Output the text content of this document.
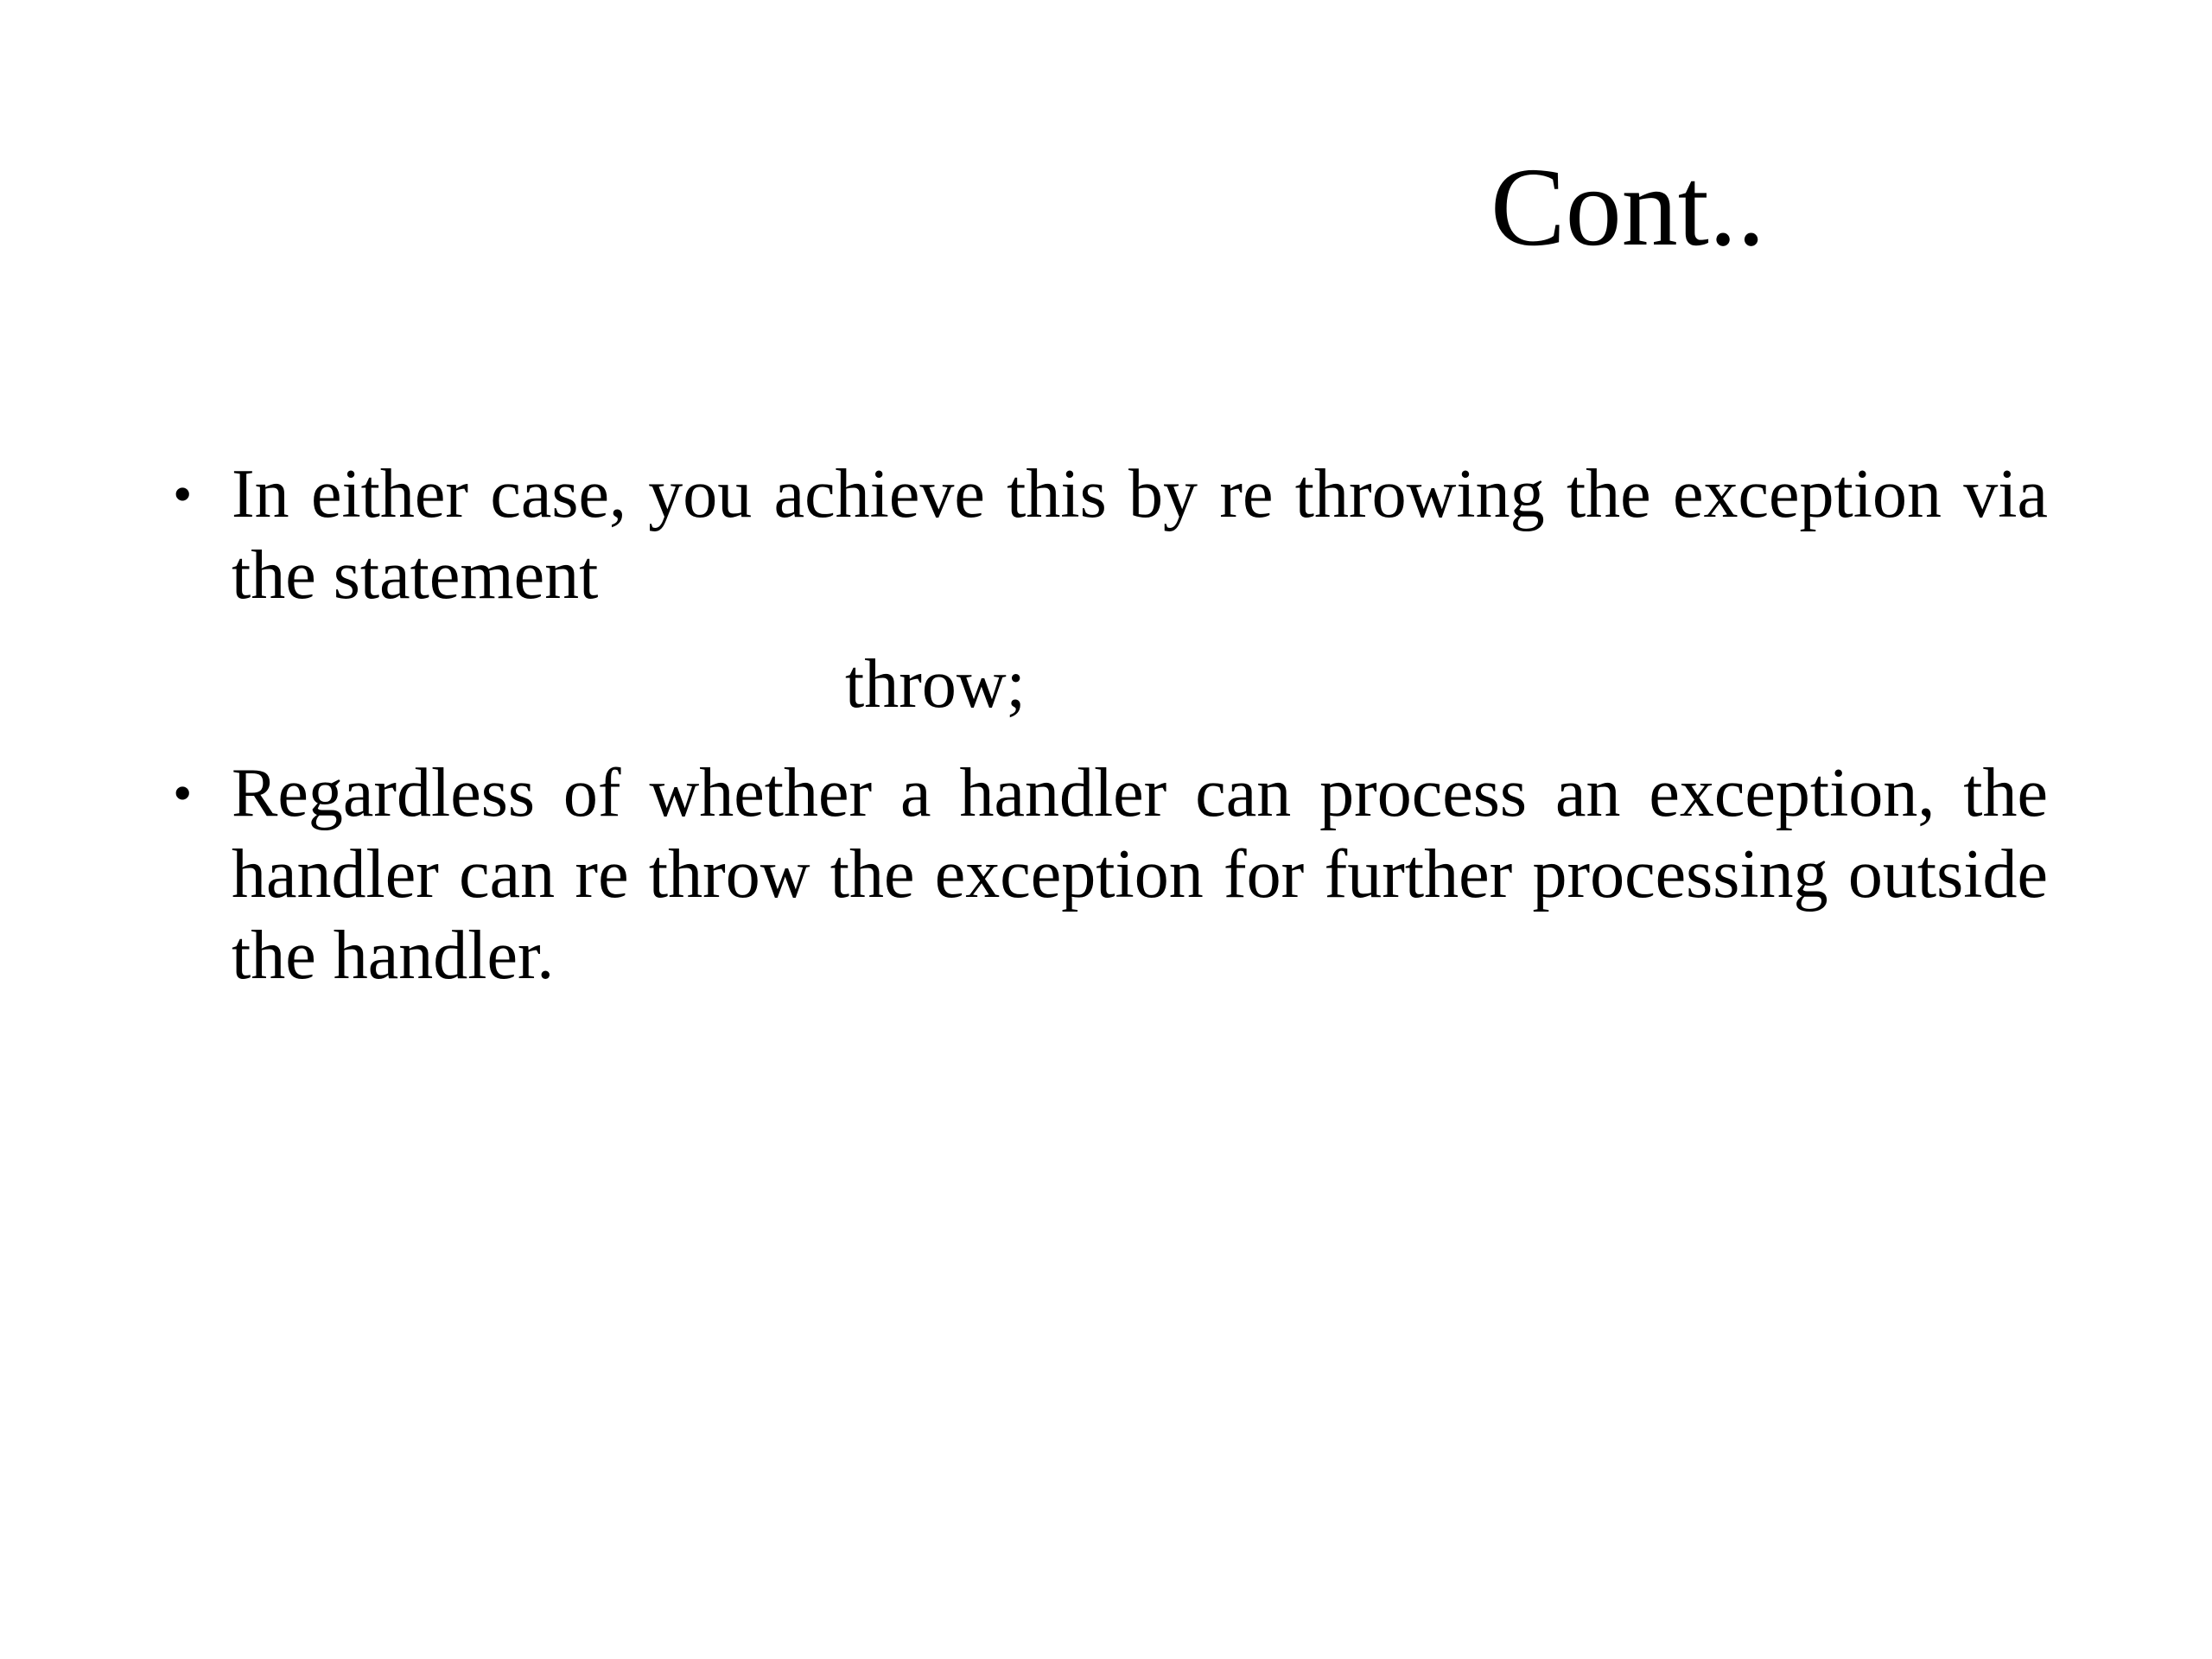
Cont..
• In either case, you achieve this by re throwing the exception via the statement
throw;
• Regardless of whether a handler can process an exception, the handler can re throw the exception for further processing outside the handler.
